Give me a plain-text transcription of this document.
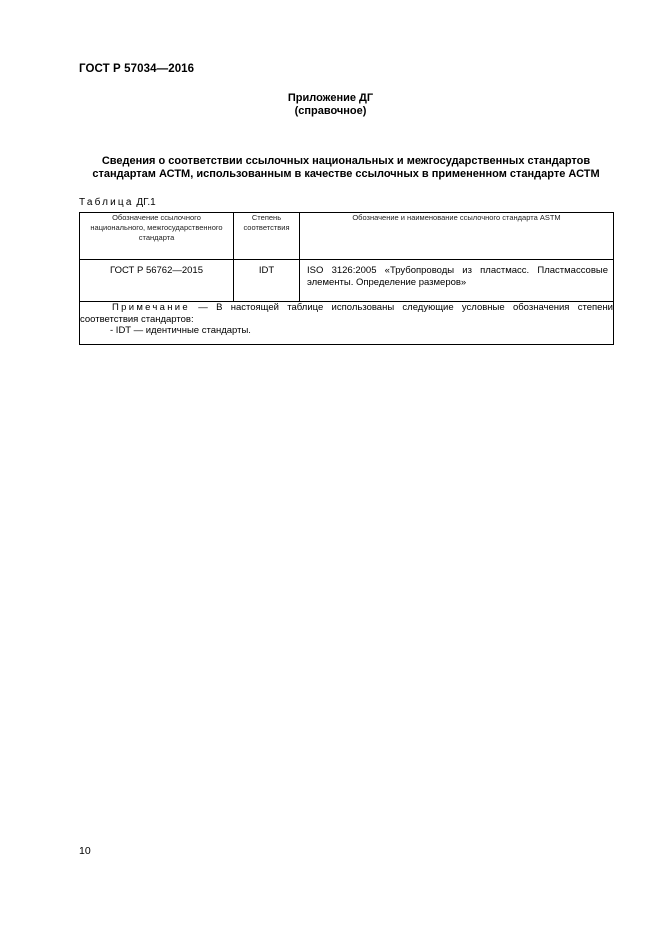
ГОСТ Р 57034—2016
Приложение ДГ
(справочное)
Сведения о соответствии ссылочных национальных и межгосударственных стандартов
стандартам АСТМ, использованным в качестве ссылочных в примененном стандарте АСТМ
Таблица ДГ.1
Обозначение ссылочного национального, межгосударственного стандарта	Степень соответствия	Обозначение и наименование ссылочного стандарта ASTM

ГОСТ Р 56762—2015	IDT	ISO 3126:2005 «Трубопроводы из пластмасс. Пластмассовые элементы. Определение размеров»

Примечание — В настоящей таблице использованы следующие условные обозначения степени соответствия стандартов:
- IDT — идентичные стандарты.		
10
